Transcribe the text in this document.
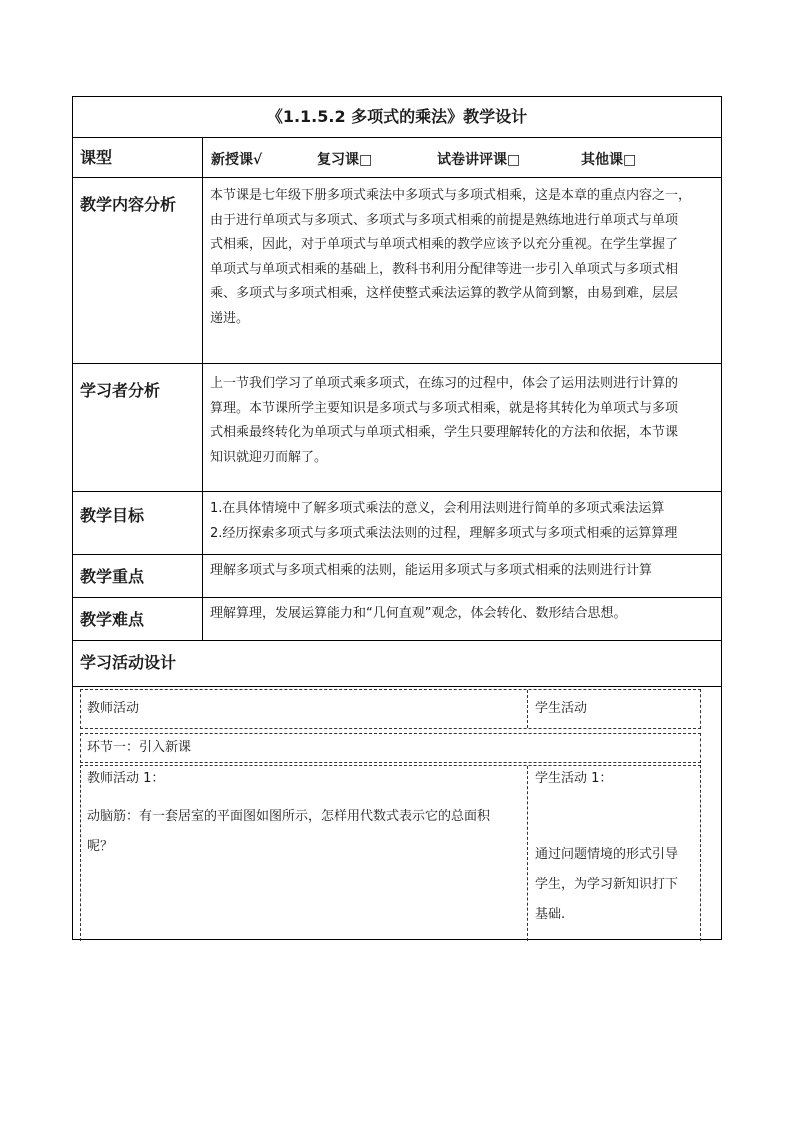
《1.1.5.2 多项式的乘法》教学设计
课型	新授课√	复习课□	试卷讲评课□	其他课□
教学内容分析	本节课是七年级下册多项式乘法中多项式与多项式相乘，这是本章的重点内容之一，
由于进行单项式与多项式、多项式与多项式相乘的前提是熟练地进行单项式与单项
式相乘，因此，对于单项式与单项式相乘的教学应该予以充分重视。在学生掌握了
单项式与单项式相乘的基础上，教科书利用分配律等进一步引入单项式与多项式相
乘、多项式与多项式相乘，这样使整式乘法运算的教学从简到繁，由易到难，层层
递进。
学习者分析	上一节我们学习了单项式乘多项式，在练习的过程中，体会了运用法则进行计算的
算理。本节课所学主要知识是多项式与多项式相乘，就是将其转化为单项式与多项
式相乘最终转化为单项式与单项式相乘，学生只要理解转化的方法和依据，本节课
知识就迎刃而解了。
教学目标	1.在具体情境中了解多项式乘法的意义，会利用法则进行简单的多项式乘法运算
2.经历探索多项式与多项式乘法法则的过程，理解多项式与多项式相乘的运算算理
教学重点	理解多项式与多项式相乘的法则，能运用多项式与多项式相乘的法则进行计算
教学难点	理解算理，发展运算能力和“几何直观”观念，体会转化、数形结合思想。
学习活动设计
教师活动	学生活动
环节一：引入新课
教师活动 1：
动脑筋：有一套居室的平面图如图所示，怎样用代数式表示它的总面积
呢？
学生活动 1：
通过问题情境的形式引导
学生，为学习新知识打下
基础.
